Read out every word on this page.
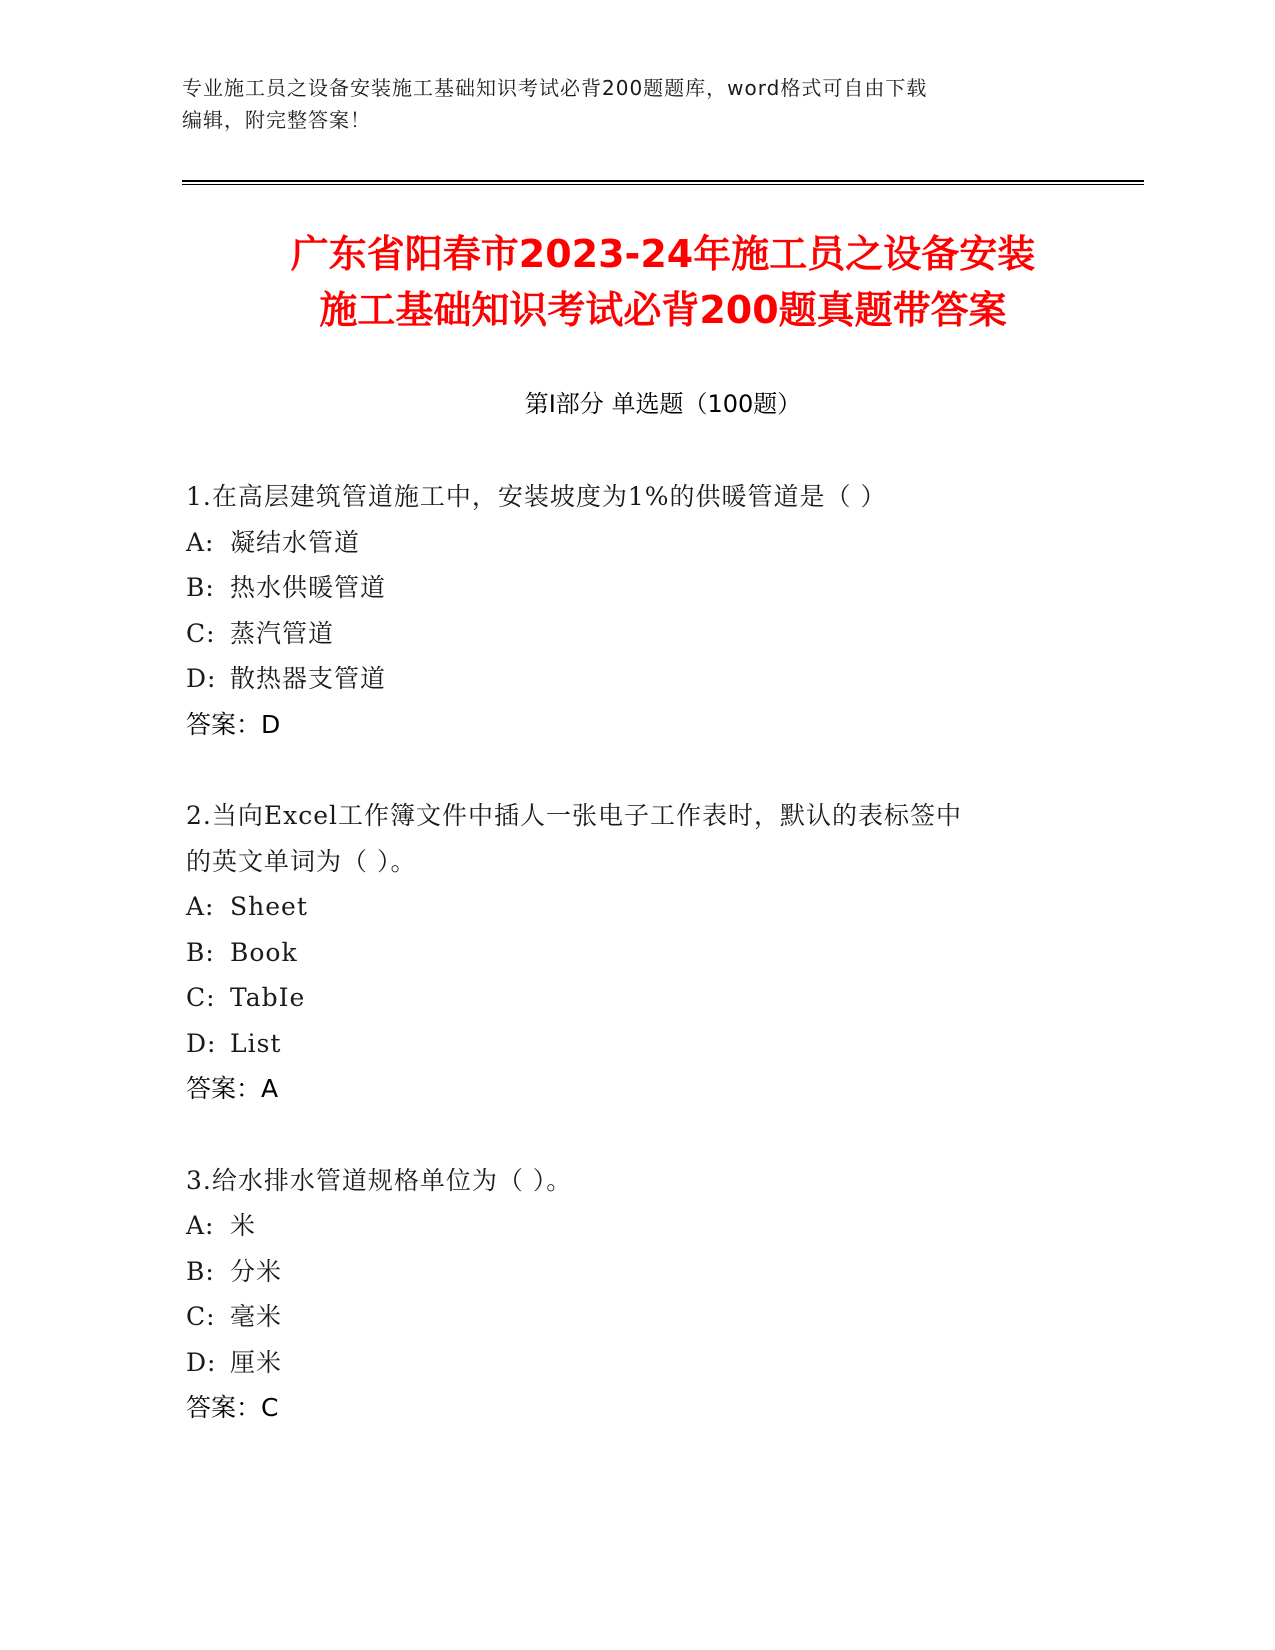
专业施工员之设备安装施工基础知识考试必背200题题库，word格式可自由下载
编辑，附完整答案！
广东省阳春市2023-24年施工员之设备安装
施工基础知识考试必背200题真题带答案
第Ⅰ部分 单选题（100题）
1.在高层建筑管道施工中，安装坡度为1%的供暖管道是（ ）
A: 凝结水管道
B: 热水供暖管道
C: 蒸汽管道
D: 散热器支管道
答案：D
2.当向Excel工作簿文件中插人一张电子工作表时，默认的表标签中
的英文单词为（ ）。
A: Sheet
B: Book
C: TabIe
D: List
答案：A
3.给水排水管道规格单位为（ ）。
A: 米
B: 分米
C: 毫米
D: 厘米
答案：C
